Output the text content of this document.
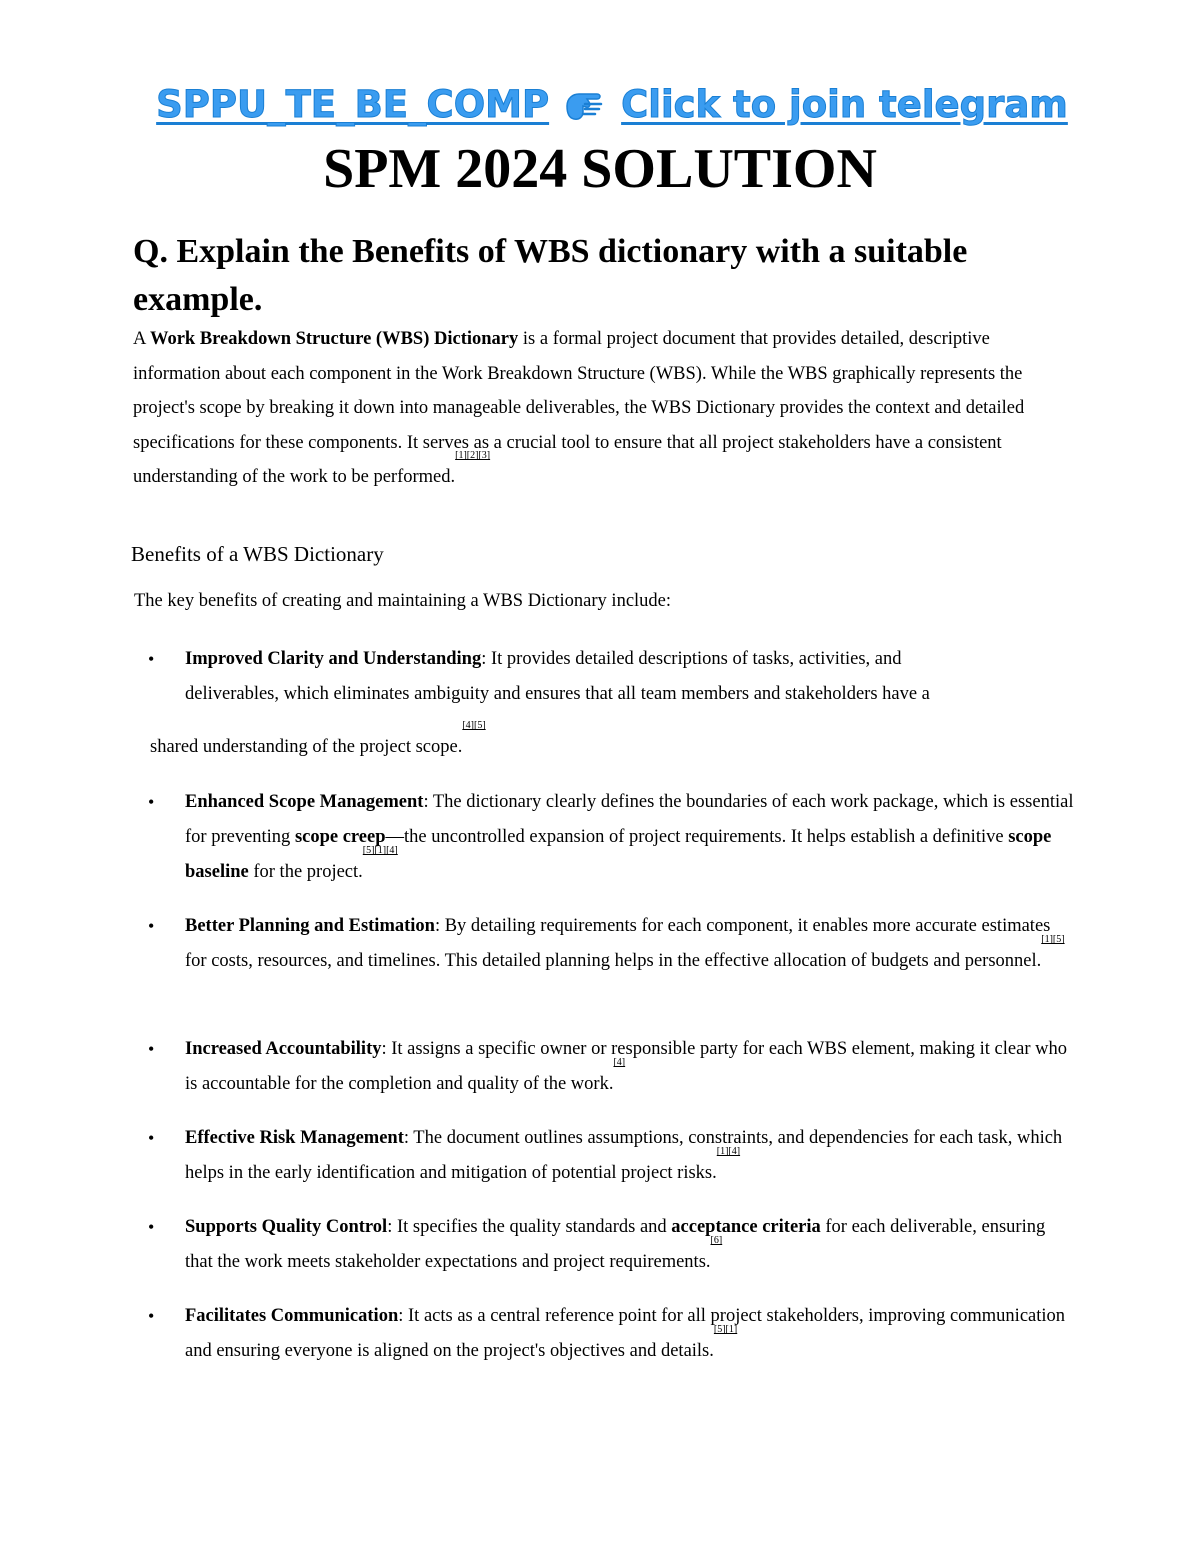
SPPU_TE_BE_COMP Click to join telegram
SPM 2024 SOLUTION
Q. Explain the Benefits of WBS dictionary with a suitable example.

A Work Breakdown Structure (WBS) Dictionary is a formal project document that provides detailed, descriptive information about each component in the Work Breakdown Structure (WBS). While the WBS graphically represents the project's scope by breaking it down into manageable deliverables, the WBS Dictionary provides the context and detailed specifications for these components. It serves as a crucial tool to ensure that all project stakeholders have a consistent understanding of the work to be performed.[1][2][3]

Benefits of a WBS Dictionary

The key benefits of creating and maintaining a WBS Dictionary include:

•	Improved Clarity and Understanding: It provides detailed descriptions of tasks, activities, and
deliverables, which eliminates ambiguity and ensures that all team members and stakeholders have a
shared understanding of the project scope.[4][5]
•	Enhanced Scope Management: The dictionary clearly defines the boundaries of each work package, which is essential for preventing scope creep—the uncontrolled expansion of project requirements. It helps establish a definitive scope baseline for the project.[5][1][4]
•	Better Planning and Estimation: By detailing requirements for each component, it enables more accurate estimates for costs, resources, and timelines. This detailed planning helps in the effective allocation of budgets and personnel.[1][5]
•	Increased Accountability: It assigns a specific owner or responsible party for each WBS element, making it clear who is accountable for the completion and quality of the work.[4]
•	Effective Risk Management: The document outlines assumptions, constraints, and dependencies for each task, which helps in the early identification and mitigation of potential project risks.[1][4]
•	Supports Quality Control: It specifies the quality standards and acceptance criteria for each deliverable, ensuring that the work meets stakeholder expectations and project requirements.[6]
•	Facilitates Communication: It acts as a central reference point for all project stakeholders, improving communication and ensuring everyone is aligned on the project's objectives and details.[5][1]
